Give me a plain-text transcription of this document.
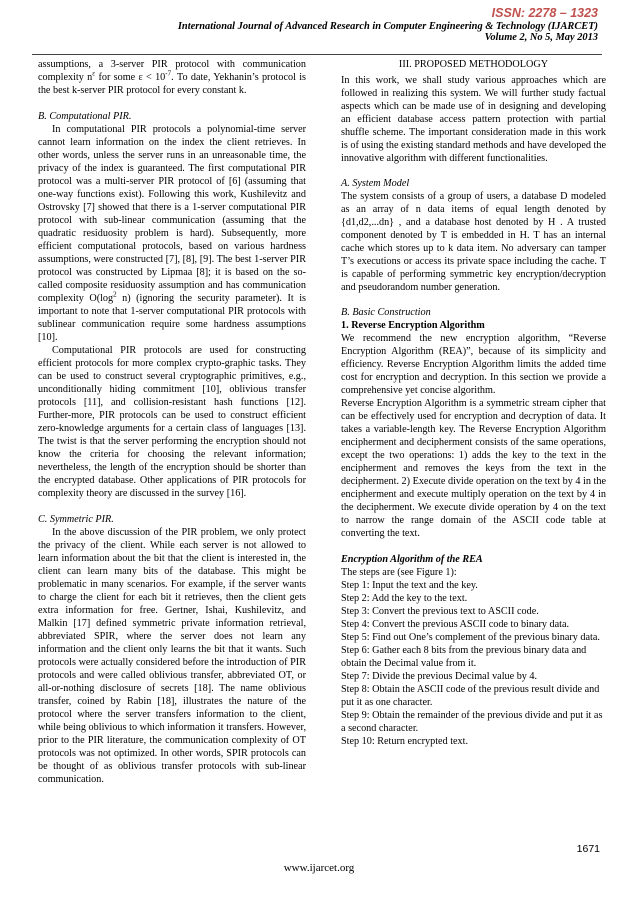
ISSN: 2278 – 1323
International Journal of Advanced Research in Computer Engineering & Technology (IJARCET)
Volume 2, No 5, May 2013

assumptions, a 3-server PIR protocol with communication complexity $n^\varepsilon$ for some $\varepsilon < 10^{-7}$. To date, Yekhanin’s protocol is the best k-server PIR protocol for every constant k.

B. Computational PIR.

In computational PIR protocols a polynomial-time server cannot learn information on the index the client retrieves. In other words, unless the server runs in an unreasonable time, the privacy of the index is guaranteed. The first computational PIR protocol was a multi-server PIR protocol of [6] (assuming that one-way functions exist). Following this work, Kushilevitz and Ostrovsky [7] showed that there is a 1-server computational PIR protocol with sub-linear communication (assuming that the quadratic residuosity problem is hard). Subsequently, more efficient computational protocols, based on various hardness assumptions, were constructed [7], [8], [9]. The best 1-server PIR protocol was constructed by Lipmaa [8]; it is based on the so-called composite residuosity assumption and has communication complexity $O(\log^2$ n) (ignoring the security parameter). It is important to note that 1-server computational PIR protocols with sublinear communication require some hardness assumptions [10].

Computational PIR protocols are used for constructing efficient protocols for more complex crypto-graphic tasks. They can be used to construct several cryptographic primitives, e.g., unconditionally hiding commitment [10], oblivious transfer protocols [11], and collision-resistant hash functions [12]. Further-more, PIR protocols can be used to construct efficient zero-knowledge arguments for a certain class of languages [13]. The twist is that the server performing the encryption should not know the criteria for choosing the relevant information; nevertheless, the length of the encryption should be shorter than the encrypted database. Other applications of PIR protocols for complexity theory are discussed in the survey [16].

C. Symmetric PIR.

In the above discussion of the PIR problem, we only protect the privacy of the client. While each server is not allowed to learn information about the bit that the client is interested in, the client can learn many bits of the database. This might be problematic in many scenarios. For example, if the server wants to charge the client for each bit it retrieves, then the client gets extra information for free. Gertner, Ishai, Kushilevitz, and Malkin [17] defined symmetric private information retrieval, abbreviated SPIR, where the server does not learn any information and the client only learns the bit that it wants. Such protocols were actually considered before the introduction of PIR protocols and were called oblivious transfer, abbreviated OT, or all-or-nothing disclosure of secrets [18]. The name oblivious transfer, coined by Rabin [18], illustrates the nature of the protocol where the server transfers information to the client, while being oblivious to which information it transfers. However, prior to the PIR literature, the communication complexity of OT protocols was not optimized. In other words, SPIR protocols can be thought of as oblivious transfer protocols with sub-linear communication.

III. PROPOSED METHODOLOGY

In this work, we shall study various approaches which are followed in realizing this system. We will further study factual aspects which can be made use of in designing and developing an efficient database access pattern protection with partial shuffle scheme. The important consideration made in this work is of using the existing standard methods and have developed the innovative algorithm with different functionalities.

A. System Model

The system consists of a group of users, a database D modeled as an array of n data items of equal length denoted by {d1,d2,...dn} , and a database host denoted by H . A trusted component denoted by T is embedded in H. T has an internal cache which stores up to k data item. No adversary can tamper T’s executions or access its private space including the cache. T is capable of performing symmetric key encryption/decryption and pseudorandom number generation.

B. Basic Construction

1. Reverse Encryption Algorithm

We recommend the new encryption algorithm, “Reverse Encryption Algorithm (REA)”, because of its simplicity and efficiency. Reverse Encryption Algorithm limits the added time cost for encryption and decryption. In this section we provide a comprehensive yet concise algorithm.

Reverse Encryption Algorithm is a symmetric stream cipher that can be effectively used for encryption and decryption of data. It takes a variable-length key. The Reverse Encryption Algorithm encipherment and decipherment consists of the same operations, except the two operations: 1) adds the key to the text in the encipherment and removes the keys from the text in the decipherment. 2) Execute divide operation on the text by 4 in the encipherment and execute multiply operation on the text by 4 in the decipherment. We execute divide operation by 4 on the text to narrow the range domain of the ASCII code table at converting the text.

Encryption Algorithm of the REA

The steps are (see Figure 1):

Step 1: Input the text and the key.

Step 2: Add the key to the text.

Step 3: Convert the previous text to ASCII code.

Step 4: Convert the previous ASCII code to binary data.

Step 5: Find out One’s complement of the previous binary data.

Step 6: Gather each 8 bits from the previous binary data and obtain the Decimal value from it.

Step 7: Divide the previous Decimal value by 4.

Step 8: Obtain the ASCII code of the previous result divide and put it as one character.

Step 9: Obtain the remainder of the previous divide and put it as a second character.

Step 10: Return encrypted text.

1671
www.ijarcet.org
